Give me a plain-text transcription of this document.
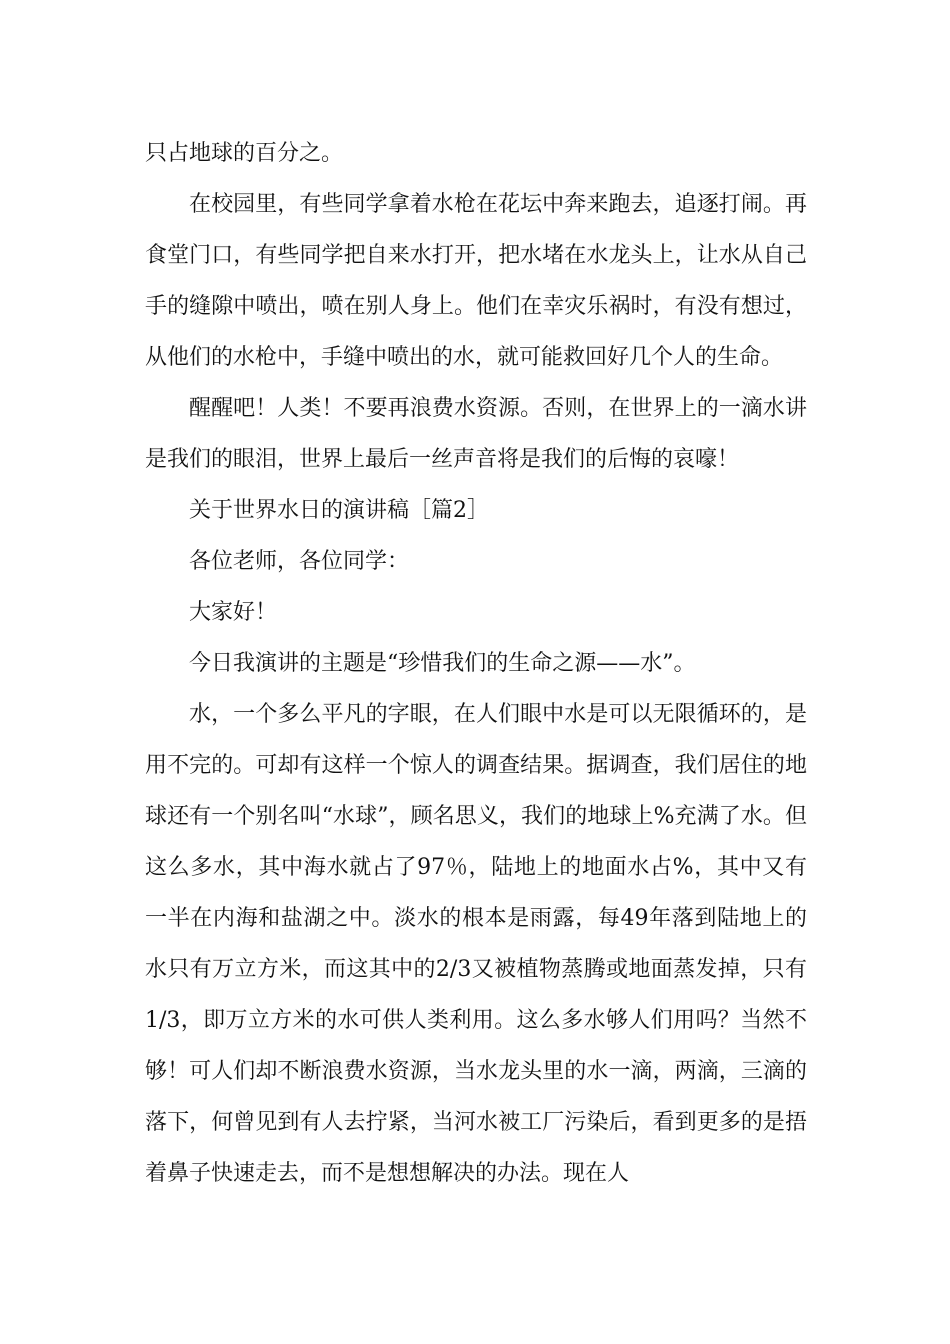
只占地球的百分之。

在校园里，有些同学拿着水枪在花坛中奔来跑去，追逐打闹。再食堂门口，有些同学把自来水打开，把水堵在水龙头上，让水从自己手的缝隙中喷出，喷在别人身上。他们在幸灾乐祸时，有没有想过，从他们的水枪中，手缝中喷出的水，就可能救回好几个人的生命。

醒醒吧！人类！不要再浪费水资源。否则，在世界上的一滴水讲是我们的眼泪，世界上最后一丝声音将是我们的后悔的哀嚎！

关于世界水日的演讲稿［篇2］

各位老师，各位同学：

大家好！

今日我演讲的主题是“珍惜我们的生命之源——水”。

水，一个多么平凡的字眼，在人们眼中水是可以无限循环的，是用不完的。可却有这样一个惊人的调查结果。据调查，我们居住的地球还有一个别名叫“水球”，顾名思义，我们的地球上%充满了水。但这么多水，其中海水就占了97％，陆地上的地面水占%，其中又有一半在内海和盐湖之中。淡水的根本是雨露，每49年落到陆地上的水只有万立方米，而这其中的2/3又被植物蒸腾或地面蒸发掉，只有1/3，即万立方米的水可供人类利用。这么多水够人们用吗？当然不够！可人们却不断浪费水资源，当水龙头里的水一滴，两滴，三滴的落下，何曾见到有人去拧紧，当河水被工厂污染后，看到更多的是捂着鼻子快速走去，而不是想想解决的办法。现在人
